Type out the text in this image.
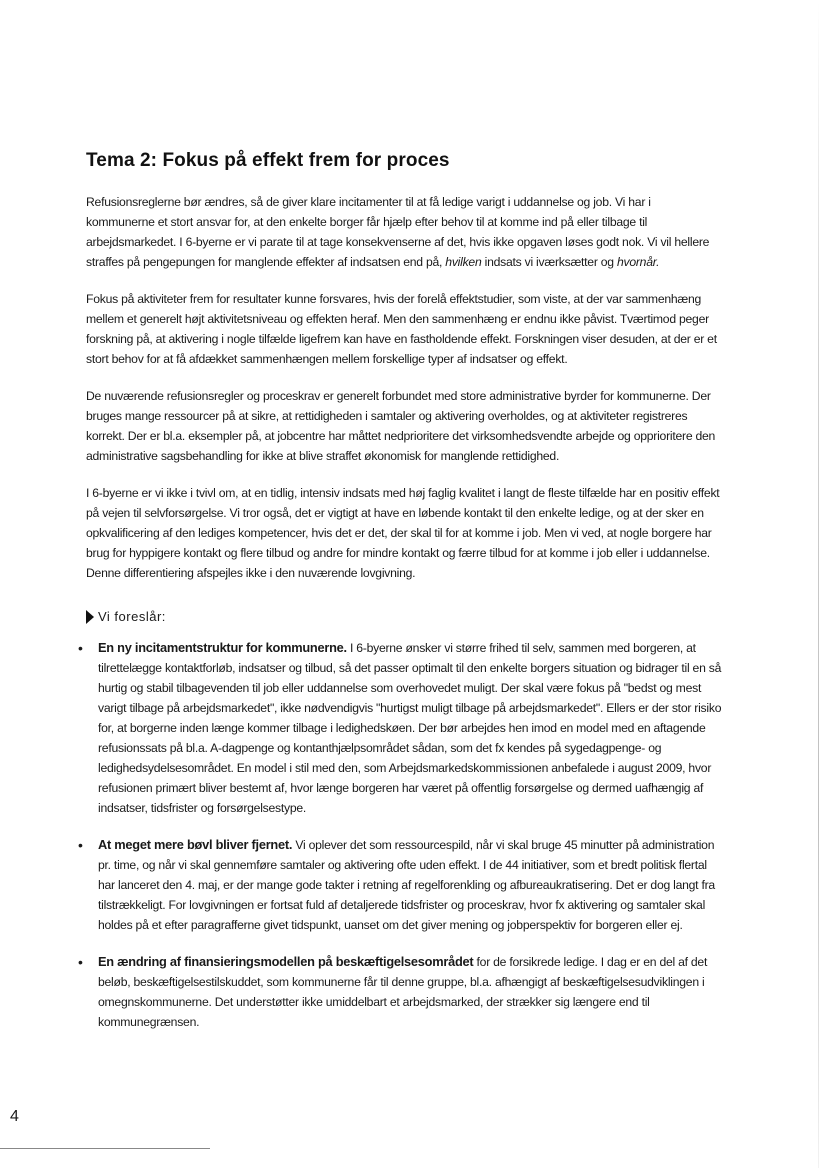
Tema 2: Fokus på effekt frem for proces

Refusionsreglerne bør ændres, så de giver klare incitamenter til at få ledige varigt i uddannelse og job. Vi har i kommunerne et stort ansvar for, at den enkelte borger får hjælp efter behov til at komme ind på eller tilbage til arbejdsmarkedet. I 6-byerne er vi parate til at tage konsekvenserne af det, hvis ikke opgaven løses godt nok. Vi vil hellere straffes på pengepungen for manglende effekter af indsatsen end på, hvilken indsats vi iværksætter og hvornår.

Fokus på aktiviteter frem for resultater kunne forsvares, hvis der forelå effektstudier, som viste, at der var sammenhæng mellem et generelt højt aktivitetsniveau og effekten heraf. Men den sammenhæng er endnu ikke påvist. Tværtimod peger forskning på, at aktivering i nogle tilfælde ligefrem kan have en fastholdende effekt. Forskningen viser desuden, at der er et stort behov for at få afdækket sammenhængen mellem forskellige typer af indsatser og effekt.

De nuværende refusionsregler og proceskrav er generelt forbundet med store administrative byrder for kommunerne. Der bruges mange ressourcer på at sikre, at rettidigheden i samtaler og aktivering overholdes, og at aktiviteter registreres korrekt. Der er bl.a. eksempler på, at jobcentre har måttet nedprioritere det virksomhedsvendte arbejde og opprioritere den administrative sagsbehandling for ikke at blive straffet økonomisk for manglende rettidighed.

I 6-byerne er vi ikke i tvivl om, at en tidlig, intensiv indsats med høj faglig kvalitet i langt de fleste tilfælde har en positiv effekt på vejen til selvforsørgelse. Vi tror også, det er vigtigt at have en løbende kontakt til den enkelte ledige, og at der sker en opkvalificering af den lediges kompetencer, hvis det er det, der skal til for at komme i job. Men vi ved, at nogle borgere har brug for hyppigere kontakt og flere tilbud og andre for mindre kontakt og færre tilbud for at komme i job eller i uddannelse. Denne differentiering afspejles ikke i den nuværende lovgivning.

Vi foreslår:
• En ny incitamentstruktur for kommunerne. I 6-byerne ønsker vi større frihed til selv, sammen med borgeren, at tilrettelægge kontaktforløb, indsatser og tilbud, så det passer optimalt til den enkelte borgers situation og bidrager til en så hurtig og stabil tilbagevenden til job eller uddannelse som overhovedet muligt. Der skal være fokus på "bedst og mest varigt tilbage på arbejdsmarkedet", ikke nødvendigvis "hurtigst muligt tilbage på arbejdsmarkedet". Ellers er der stor risiko for, at borgerne inden længe kommer tilbage i ledighedskøen. Der bør arbejdes hen imod en model med en aftagende refusionssats på bl.a. A-dagpenge og kontanthjælpsområdet sådan, som det fx kendes på sygedagpenge- og ledighedsydelsesområdet. En model i stil med den, som Arbejdsmarkedskommissionen anbefalede i august 2009, hvor refusionen primært bliver bestemt af, hvor længe borgeren har været på offentlig forsørgelse og dermed uafhængig af indsatser, tidsfrister og forsørgelsestype.
• At meget mere bøvl bliver fjernet. Vi oplever det som ressourcespild, når vi skal bruge 45 minutter på administration pr. time, og når vi skal gennemføre samtaler og aktivering ofte uden effekt. I de 44 initiativer, som et bredt politisk flertal har lanceret den 4. maj, er der mange gode takter i retning af regelforenkling og afbureaukratisering. Det er dog langt fra tilstrækkeligt. For lovgivningen er fortsat fuld af detaljerede tidsfrister og proceskrav, hvor fx aktivering og samtaler skal holdes på et efter paragrafferne givet tidspunkt, uanset om det giver mening og jobperspektiv for borgeren eller ej.
• En ændring af finansieringsmodellen på beskæftigelsesområdet for de forsikrede ledige. I dag er en del af det beløb, beskæftigelsestilskuddet, som kommunerne får til denne gruppe, bl.a. afhængigt af beskæftigelsesudviklingen i omegnskommunerne. Det understøtter ikke umiddelbart et arbejdsmarked, der strækker sig længere end til kommunegrænsen.
4
